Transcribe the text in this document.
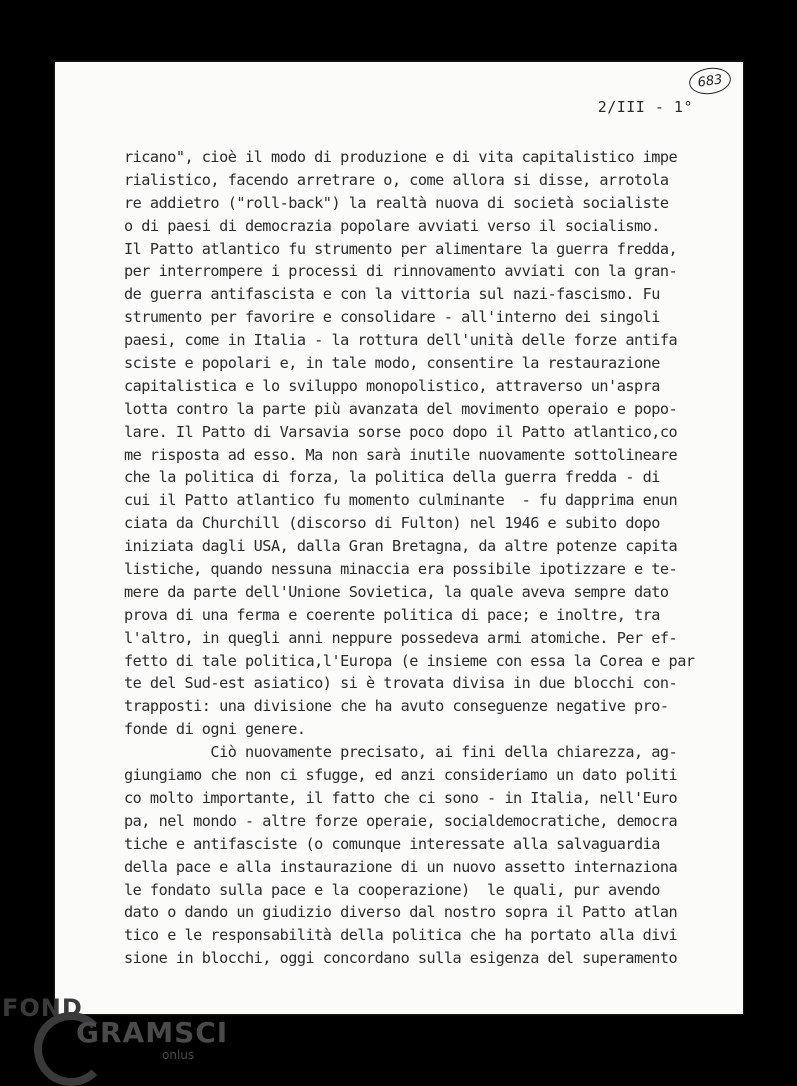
2/III - 1°
683
ricano", cioè il modo di produzione e di vita capitalistico impe
rialistico, facendo arretrare o, come allora si disse, arrotola
re addietro ("roll-back") la realtà nuova di società socialiste
o di paesi di democrazia popolare avviati verso il socialismo.
Il Patto atlantico fu strumento per alimentare la guerra fredda,
per interrompere i processi di rinnovamento avviati con la gran-
de guerra antifascista e con la vittoria sul nazi-fascismo. Fu
strumento per favorire e consolidare - all'interno dei singoli
paesi, come in Italia - la rottura dell'unità delle forze antifa
sciste e popolari e, in tale modo, consentire la restaurazione
capitalistica e lo sviluppo monopolistico, attraverso un'aspra
lotta contro la parte più avanzata del movimento operaio e popo-
lare. Il Patto di Varsavia sorse poco dopo il Patto atlantico,co
me risposta ad esso. Ma non sarà inutile nuovamente sottolineare
che la politica di forza, la politica della guerra fredda - di
cui il Patto atlantico fu momento culminante  - fu dapprima enun
ciata da Churchill (discorso di Fulton) nel 1946 e subito dopo
iniziata dagli USA, dalla Gran Bretagna, da altre potenze capita
listiche, quando nessuna minaccia era possibile ipotizzare e te-
mere da parte dell'Unione Sovietica, la quale aveva sempre dato
prova di una ferma e coerente politica di pace; e inoltre, tra
l'altro, in quegli anni neppure possedeva armi atomiche. Per ef-
fetto di tale politica,l'Europa (e insieme con essa la Corea e par
te del Sud-est asiatico) si è trovata divisa in due blocchi con-
trapposti: una divisione che ha avuto conseguenze negative pro-
fonde di ogni genere.
Ciò nuovamente precisato, ai fini della chiarezza, ag-
giungiamo che non ci sfugge, ed anzi consideriamo un dato politi
co molto importante, il fatto che ci sono - in Italia, nell'Euro
pa, nel mondo - altre forze operaie, socialdemocratiche, democra
tiche e antifasciste (o comunque interessate alla salvaguardia
della pace e alla instaurazione di un nuovo assetto internaziona
le fondato sulla pace e la cooperazione)  le quali, pur avendo
dato o dando un giudizio diverso dal nostro sopra il Patto atlan
tico e le responsabilità della politica che ha portato alla divi
sione in blocchi, oggi concordano sulla esigenza del superamento
FOND
GRAMSCI
onlus
